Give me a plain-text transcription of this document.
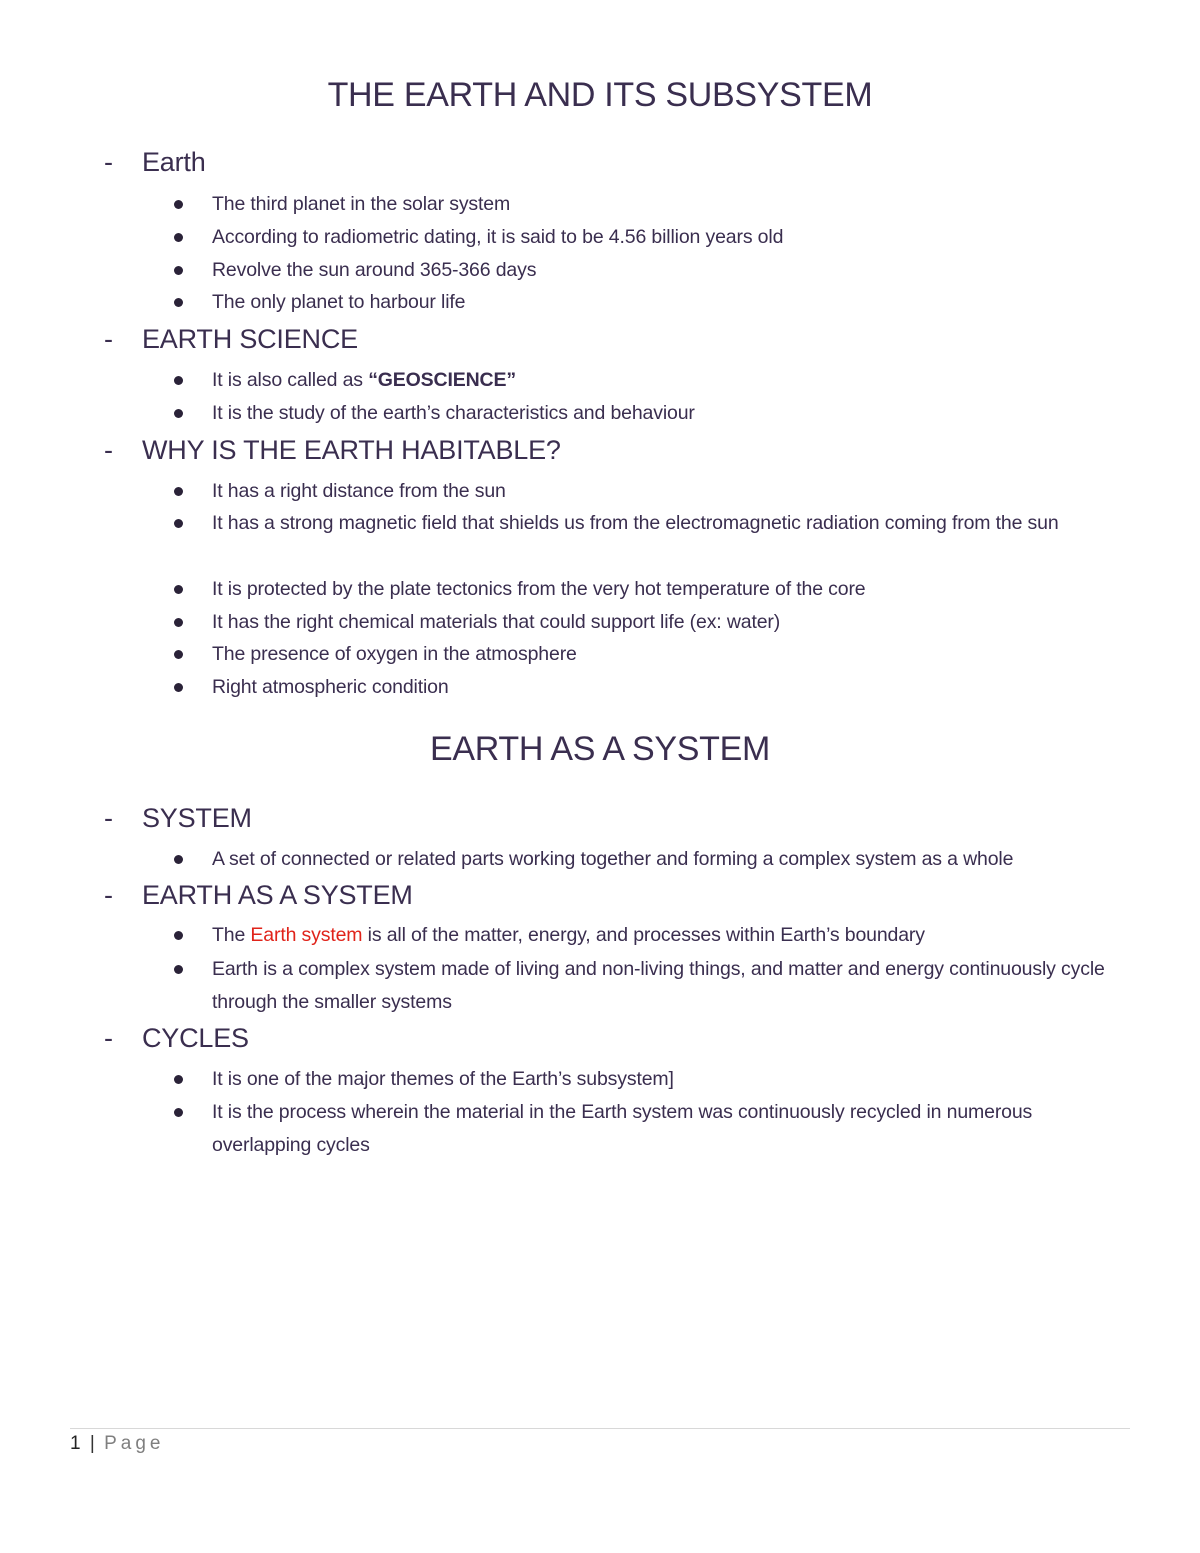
THE EARTH AND ITS SUBSYSTEM
- Earth
The third planet in the solar system
According to radiometric dating, it is said to be 4.56 billion years old
Revolve the sun around 365-366 days
The only planet to harbour life
- EARTH SCIENCE
It is also called as “GEOSCIENCE”
It is the study of the earth’s characteristics and behaviour
- WHY IS THE EARTH HABITABLE?
It has a right distance from the sun
It has a strong magnetic field that shields us from the electromagnetic radiation coming from the sun
It is protected by the plate tectonics from the very hot temperature of the core
It has the right chemical materials that could support life (ex: water)
The presence of oxygen in the atmosphere
Right atmospheric condition
EARTH AS A SYSTEM
- SYSTEM
A set of connected or related parts working together and forming a complex system as a whole
- EARTH AS A SYSTEM
The Earth system is all of the matter, energy, and processes within Earth’s boundary
Earth is a complex system made of living and non-living things, and matter and energy continuously cycle through the smaller systems
- CYCLES
It is one of the major themes of the Earth’s subsystem]
It is the process wherein the material in the Earth system was continuously recycled in numerous overlapping cycles
1 | Page
